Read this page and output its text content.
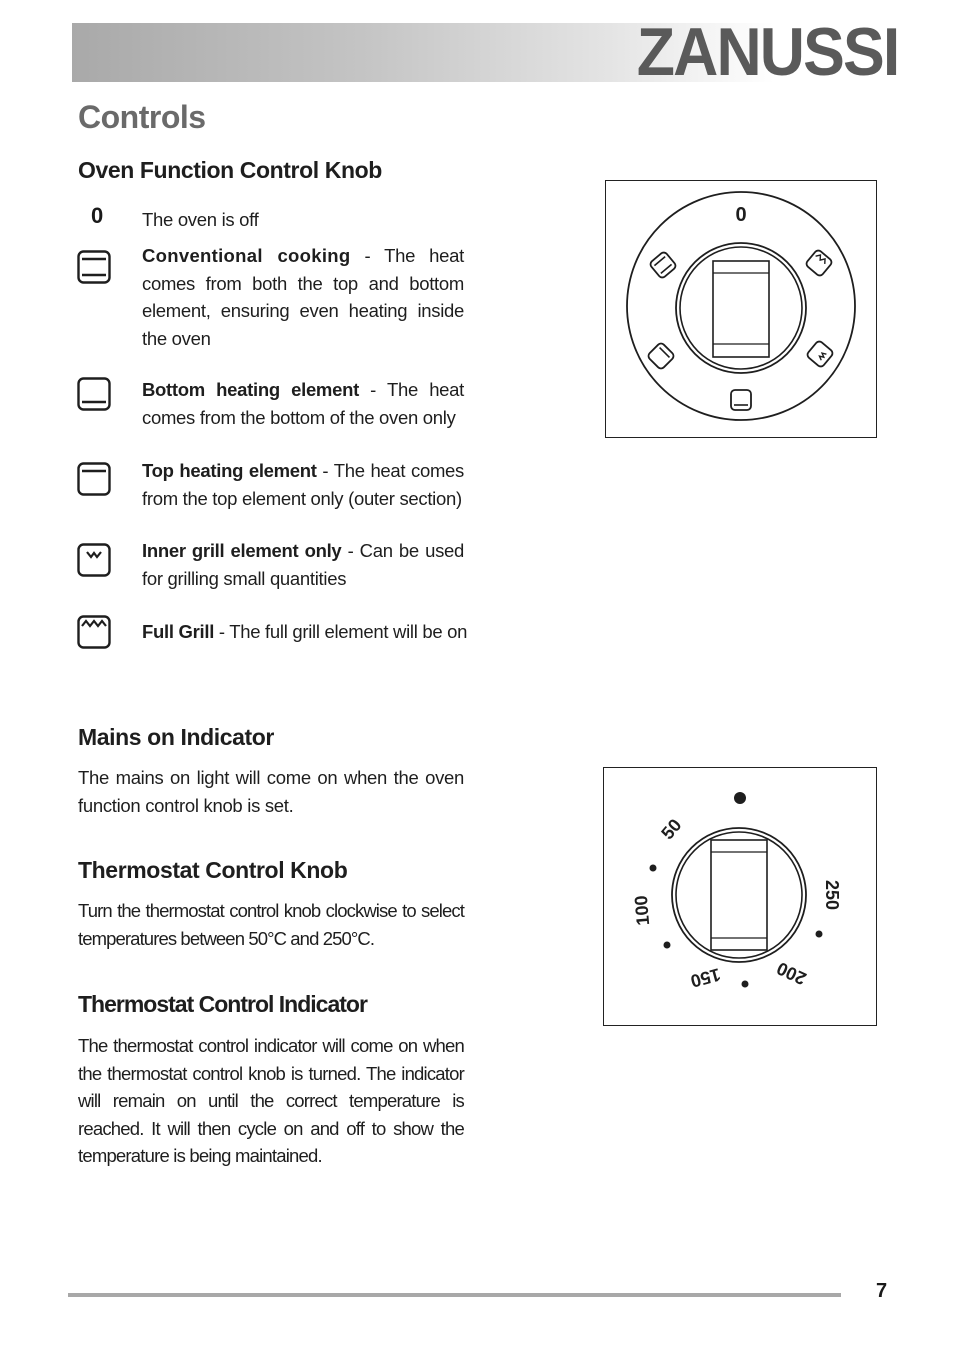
ZANUSSI
Controls
Oven Function Control Knob
0 The oven is off
Conventional cooking - The heat comes from both the top and bottom element, ensuring even heating inside the oven
Bottom heating element - The heat comes from the bottom of the oven only
Top heating element - The heat comes from the top element only (outer section)
Inner grill element only - Can be used for grilling small quantities
Full Grill - The full grill element will be on
0
Mains on Indicator
The mains on light will come on when the oven function control knob is set.
Thermostat Control Knob
Turn the thermostat control knob clockwise to select temperatures between 50°C and 250°C.
Thermostat Control Indicator
The thermostat control indicator will come on when the thermostat control knob is turned. The indicator will remain on until the correct temperature is reached. It will then cycle on and off to show the temperature is being maintained.
50
100
150	200
250
7
